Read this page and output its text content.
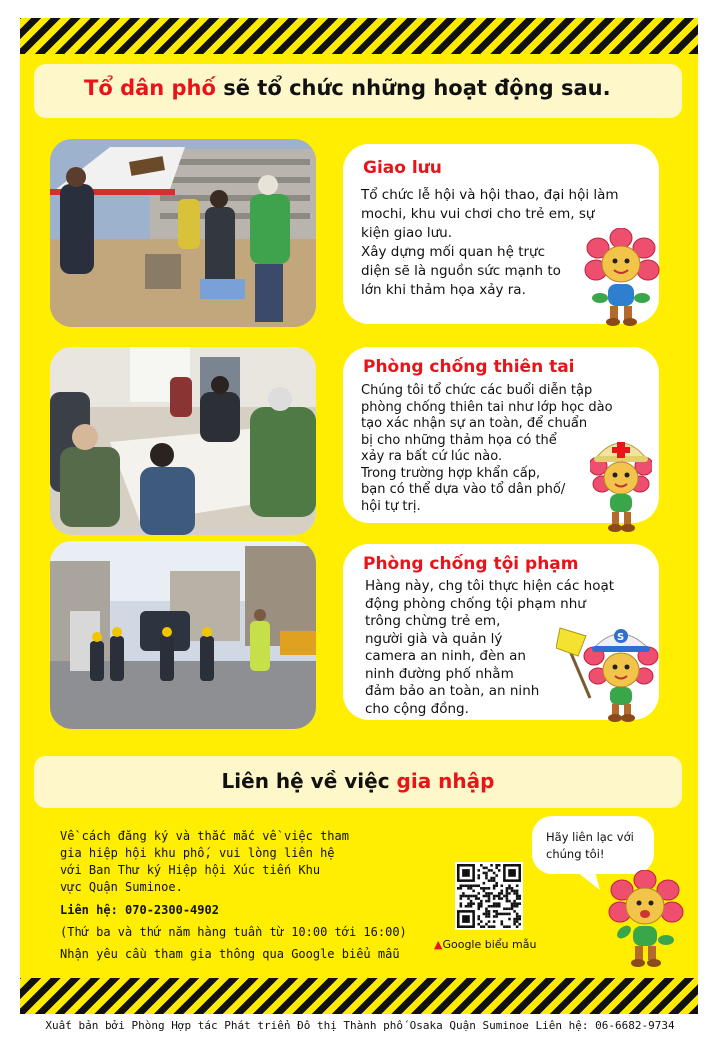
Tổ dân phố sẽ tổ chức những hoạt động sau.
Giao lưu
Tổ chức lễ hội và hội thao, đại hội làm
mochi, khu vui chơi cho trẻ em, sự
kiện giao lưu.
Xây dựng mối quan hệ trực
diện sẽ là nguồn sức mạnh to
lớn khi thảm họa xảy ra.
Phòng chống thiên tai
Chúng tôi tổ chức các buổi diễn tập
phòng chống thiên tai như lớp học dào
tạo xác nhận sự an toàn, để chuẩn
bị cho những thảm họa có thể
xảy ra bất cứ lúc nào.
Trong trường hợp khẩn cấp,
bạn có thể dựa vào tổ dân phố/
hội tự trị.
Phòng chống tội phạm
Hàng này, chg tôi thực hiện các hoạt
động phòng chống tội phạm như
trông chừng trẻ em,
người già và quản lý
camera an ninh, đèn an
ninh đường phố nhằm
đảm bảo an toàn, an ninh
cho cộng đồng.
S
Liên hệ về việc gia nhập
Về cách đăng ký và thắc mắc về việc tham
gia hiệp hội khu phố, vui lòng liên hệ
với Ban Thư ký Hiệp hội Xúc tiến Khu
vực Quận Suminoe.
Liên hệ: 070-2300-4902
(Thứ ba và thứ năm hàng tuần từ 10:00 tới 16:00)
Nhận yêu cầu tham gia thông qua Google biểu mẫu
▲Google biểu mẫu
Hãy liên lạc với
chúng tôi!
Xuất bản bởi Phòng Hợp tác Phát triển Đô thị Thành phố Osaka Quận Suminoe Liên hệ: 06-6682-9734
